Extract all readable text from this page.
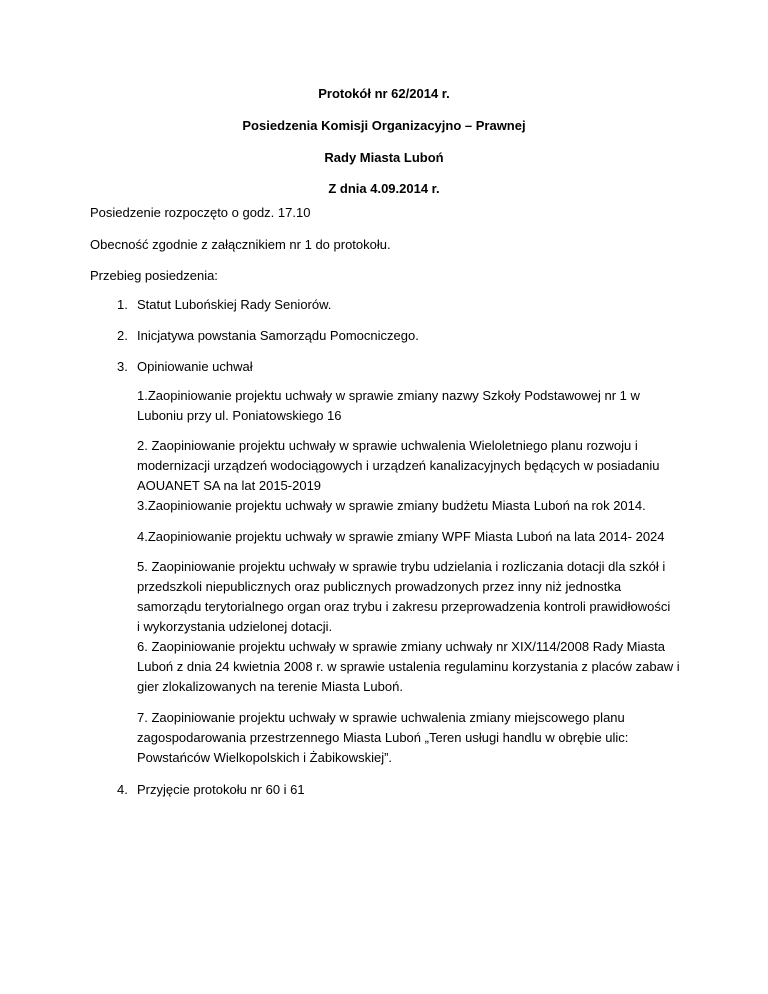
Protokół nr 62/2014 r.
Posiedzenia Komisji Organizacyjno – Prawnej
Rady Miasta Luboń
Z dnia 4.09.2014 r.
Posiedzenie rozpoczęto o godz. 17.10
Obecność zgodnie z załącznikiem nr 1 do protokołu.
Przebieg posiedzenia:
1. Statut Lubońskiej Rady Seniorów.
2. Inicjatywa powstania Samorządu Pomocniczego.
3. Opiniowanie uchwał
1.Zaopiniowanie projektu uchwały w sprawie zmiany nazwy Szkoły Podstawowej nr 1 w
Luboniu przy ul. Poniatowskiego 16
2. Zaopiniowanie projektu uchwały w sprawie uchwalenia Wieloletniego planu rozwoju i
modernizacji urządzeń wodociągowych i urządzeń kanalizacyjnych będących w posiadaniu
AOUANET SA na lat 2015-2019
3.Zaopiniowanie projektu uchwały w sprawie zmiany budżetu Miasta Luboń na rok 2014.
4.Zaopiniowanie projektu uchwały w sprawie zmiany WPF Miasta Luboń na lata 2014- 2024
5. Zaopiniowanie projektu uchwały w sprawie trybu udzielania i rozliczania dotacji dla szkół i
przedszkoli niepublicznych oraz publicznych prowadzonych przez inny niż jednostka
samorządu terytorialnego organ oraz trybu i zakresu przeprowadzenia kontroli prawidłowości
i wykorzystania udzielonej dotacji.
6. Zaopiniowanie projektu uchwały w sprawie zmiany uchwały nr XIX/114/2008 Rady Miasta
Luboń z dnia 24 kwietnia 2008 r. w sprawie ustalenia regulaminu korzystania z placów zabaw i
gier zlokalizowanych na terenie Miasta Luboń.
7. Zaopiniowanie projektu uchwały w sprawie uchwalenia zmiany miejscowego planu
zagospodarowania przestrzennego Miasta Luboń „Teren usługi handlu w obrębie ulic:
Powstańców Wielkopolskich i Żabikowskiej”.
4. Przyjęcie protokołu nr 60 i 61
